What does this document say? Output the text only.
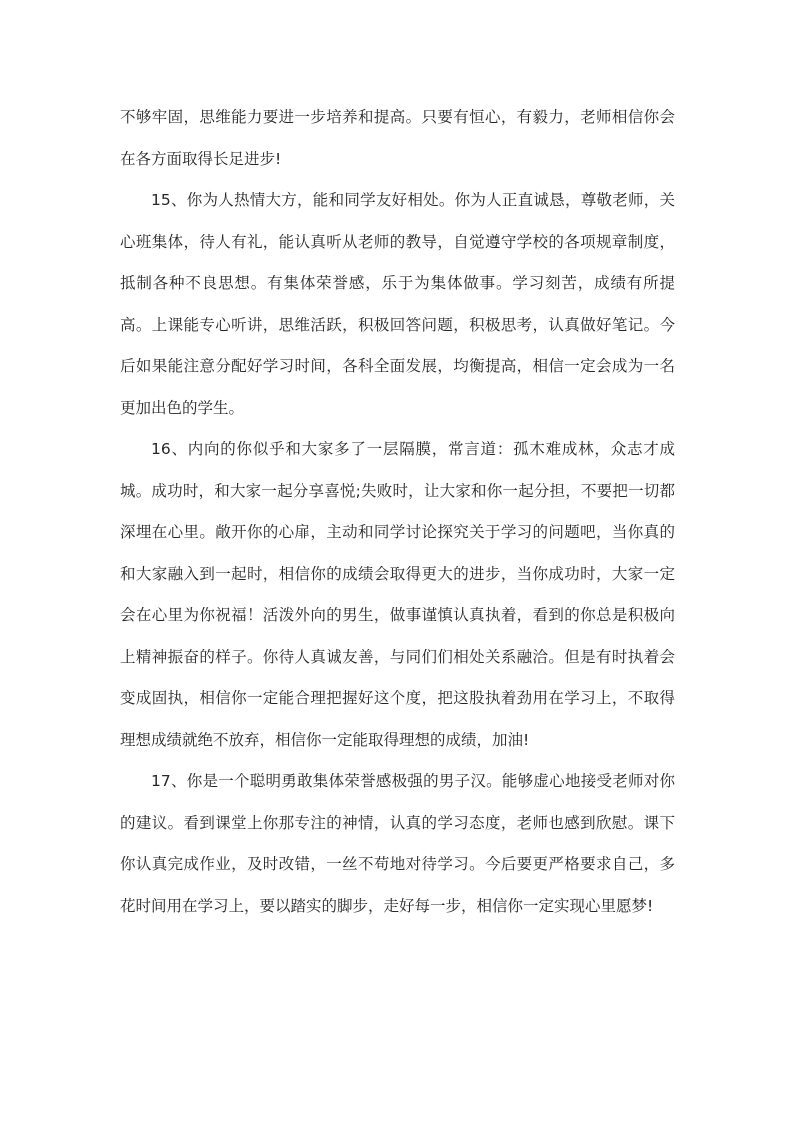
不够牢固，思维能力要进一步培养和提高。只要有恒心，有毅力，老师相信你会在各方面取得长足进步!

15、你为人热情大方，能和同学友好相处。你为人正直诚恳，尊敬老师，关心班集体，待人有礼，能认真听从老师的教导，自觉遵守学校的各项规章制度，抵制各种不良思想。有集体荣誉感，乐于为集体做事。学习刻苦，成绩有所提高。上课能专心听讲，思维活跃，积极回答问题，积极思考，认真做好笔记。今后如果能注意分配好学习时间，各科全面发展，均衡提高，相信一定会成为一名更加出色的学生。

16、内向的你似乎和大家多了一层隔膜，常言道：孤木难成林，众志才成城。成功时，和大家一起分享喜悦;失败时，让大家和你一起分担，不要把一切都深埋在心里。敞开你的心扉，主动和同学讨论探究关于学习的问题吧，当你真的和大家融入到一起时，相信你的成绩会取得更大的进步，当你成功时，大家一定会在心里为你祝福！活泼外向的男生，做事谨慎认真执着，看到的你总是积极向上精神振奋的样子。你待人真诚友善，与同们们相处关系融洽。但是有时执着会变成固执，相信你一定能合理把握好这个度，把这股执着劲用在学习上，不取得理想成绩就绝不放弃，相信你一定能取得理想的成绩，加油!

17、你是一个聪明勇敢集体荣誉感极强的男子汉。能够虚心地接受老师对你的建议。看到课堂上你那专注的神情，认真的学习态度，老师也感到欣慰。课下你认真完成作业，及时改错，一丝不苟地对待学习。今后要更严格要求自己，多花时间用在学习上，要以踏实的脚步，走好每一步，相信你一定实现心里愿梦!
